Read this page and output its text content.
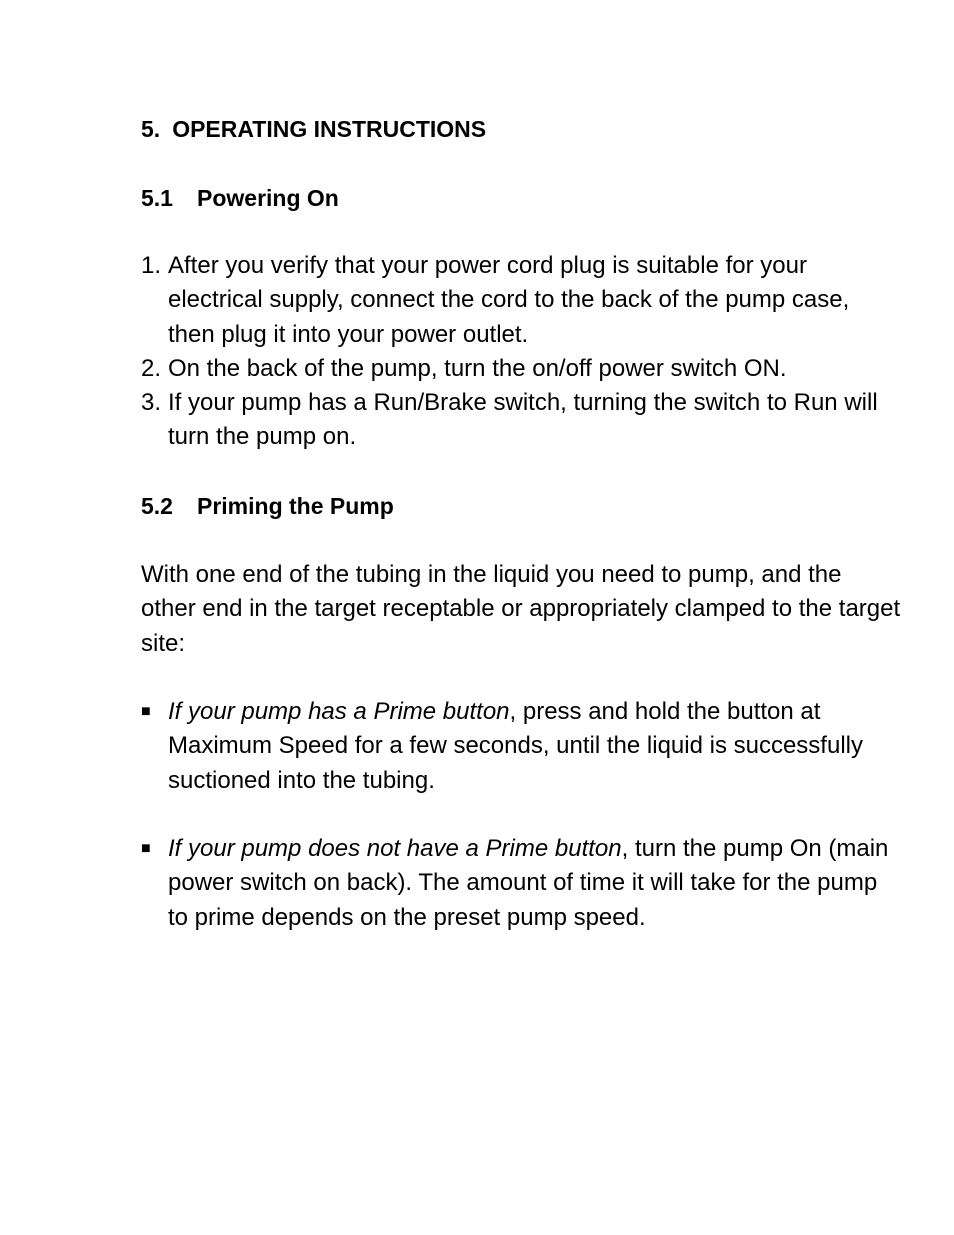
5. OPERATING INSTRUCTIONS
5.1 Powering On
1. After you verify that your power cord plug is suitable for your electrical supply, connect the cord to the back of the pump case, then plug it into your power outlet.
2. On the back of the pump, turn the on/off power switch ON.
3. If your pump has a Run/Brake switch, turning the switch to Run will turn the pump on.
5.2 Priming the Pump
With one end of the tubing in the liquid you need to pump, and the other end in the target receptable or appropriately clamped to the target site:
■ If your pump has a Prime button, press and hold the button at Maximum Speed for a few seconds, until the liquid is successfully suctioned into the tubing.
■ If your pump does not have a Prime button, turn the pump On (main power switch on back). The amount of time it will take for the pump to prime depends on the preset pump speed.
